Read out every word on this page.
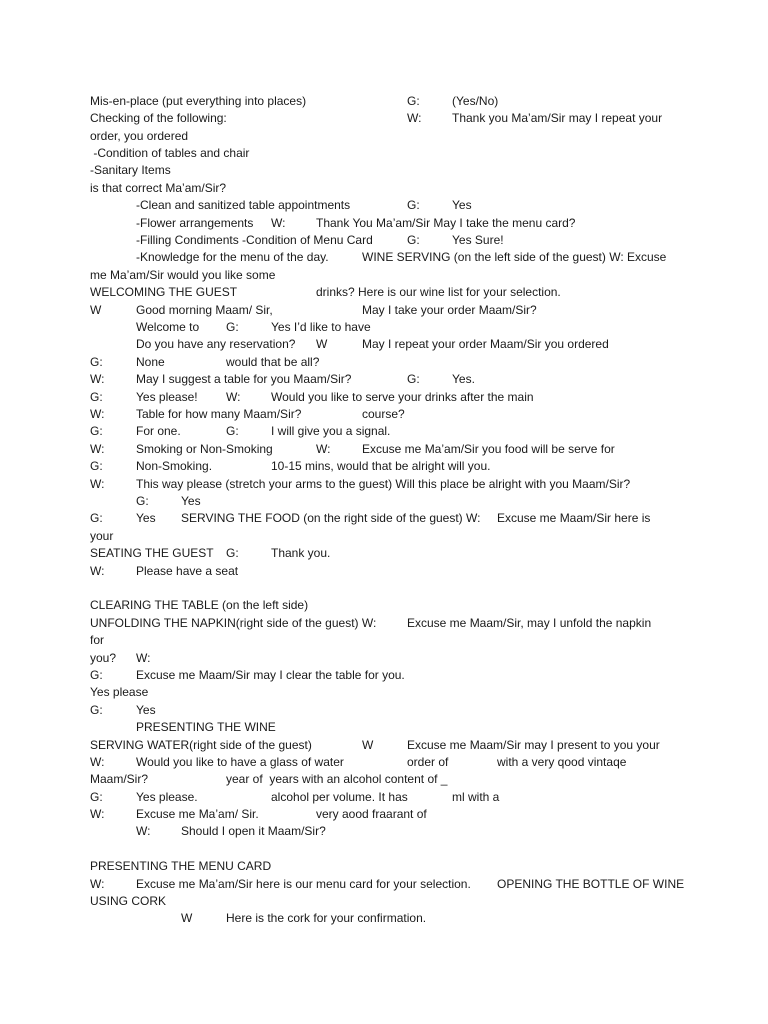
Mis-en-place (put everything into places)	G:	(Yes/No)
Checking of the following:	W:	Thank you Ma’am/Sir may I repeat your
order, you ordered
-Condition of tables and chair
-Sanitary Items
is that correct Ma’am/Sir?
-Clean and sanitized table appointments	G:	Yes
-Flower arrangements W:	Thank You Ma’am/Sir May I take the menu card?
-Filling Condiments -Condition of Menu Card	G:	Yes Sure!
-Knowledge for the menu of the day.	WINE SERVING (on the left side of the guest) W: Excuse
me Ma’am/Sir would you like some
WELCOMING THE GUEST	drinks? Here is our wine list for your selection.
W	Good morning Maam/ Sir,	May I take your order Maam/Sir?
Welcome to G:	Yes I’d like to have
Do you have any reservation? W	May I repeat your order Maam/Sir you ordered
G:	None	would that be all?
W:	May I suggest a table for you Maam/Sir?	G:	Yes.
G:	Yes please! W:	Would you like to serve your drinks after the main
W:	Table for how many Maam/Sir?	course?
G:	For one.	G:	I will give you a signal.
W:	Smoking or Non-Smoking	W:	Excuse me Ma’am/Sir you food will be serve for
G:	Non-Smoking.	10-15 mins, would that be alright will you.
W:	This way please (stretch your arms to the guest) Will this place be alright with you Maam/Sir?
G:	Yes
G:	Yes SERVING THE FOOD (on the right side of the guest) W: Excuse me Maam/Sir here is
your
SEATING THE GUEST G:	Thank you.
W:	Please have a seat
CLEARING THE TABLE (on the left side)
UNFOLDING THE NAPKIN(right side of the guest) W:	Excuse me Maam/Sir, may I unfold the napkin
for
you? W:
G:	Excuse me Maam/Sir may I clear the table for you.
Yes please
G:	Yes
PRESENTING THE WINE
SERVING WATER(right side of the guest)	W	Excuse me Maam/Sir may I present to you your
W:	Would you like to have a glass of water	order of	with a very qood vintaqe
Maam/Sir?	year of  years with an alcohol content of _
G:	Yes please.	alcohol per volume. It has	ml with a
W:	Excuse me Ma’am/ Sir.	very aood fraarant of
W:	Should I open it Maam/Sir?
PRESENTING THE MENU CARD
W:	Excuse me Ma’am/Sir here is our menu card for your selection. OPENING THE BOTTLE OF WINE
USING CORK
W	Here is the cork for your confirmation.
